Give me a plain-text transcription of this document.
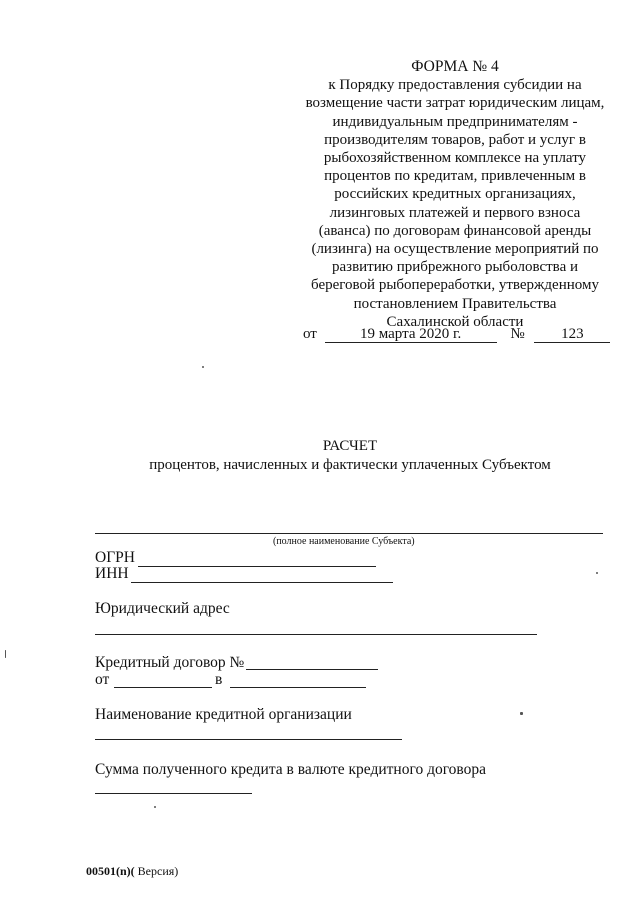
ФОРМА № 4
к Порядку предоставления субсидии на
возмещение части затрат юридическим лицам,
индивидуальным предпринимателям -
производителям товаров, работ и услуг в
рыбохозяйственном комплексе на уплату
процентов по кредитам, привлеченным в
российских кредитных организациях,
лизинговых платежей и первого взноса
(аванса) по договорам финансовой аренды
(лизинга) на осуществление мероприятий по
развитию прибрежного рыболовства и
береговой рыбопереработки, утвержденному
постановлением Правительства
Сахалинской области
от	19 марта 2020 г.	№ 123
РАСЧЕТ
процентов, начисленных и фактически уплаченных Субъектом
(полное наименование Субъекта)
ОГРН
ИНН
Юридический адрес
Кредитный договор №
от	в
Наименование кредитной организации
Сумма полученного кредита в валюте кредитного договора
00501(n)( Версия)
